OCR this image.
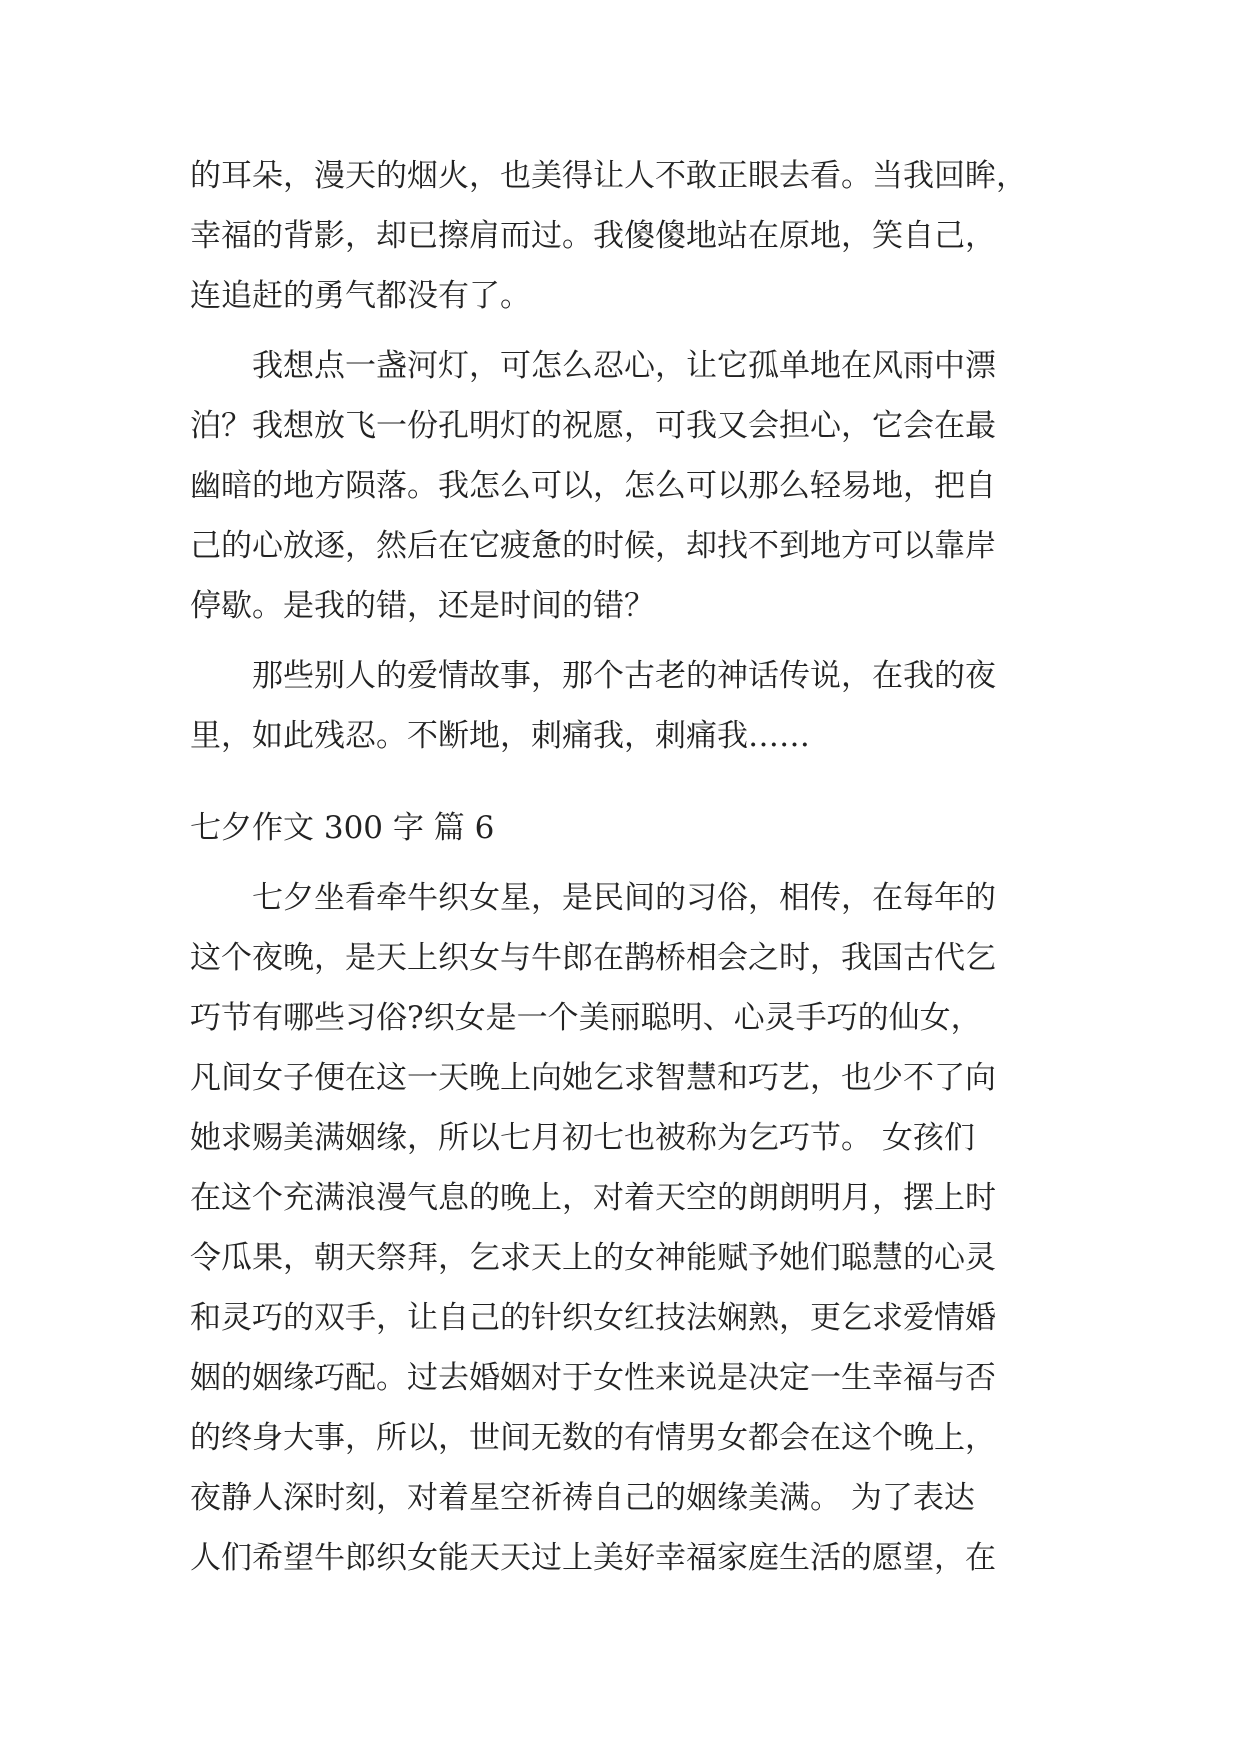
的耳朵，漫天的烟火，也美得让人不敢正眼去看。当我回眸，
幸福的背影，却已擦肩而过。我傻傻地站在原地，笑自己，
连追赶的勇气都没有了。
　　我想点一盏河灯，可怎么忍心，让它孤单地在风雨中漂
泊？我想放飞一份孔明灯的祝愿，可我又会担心，它会在最
幽暗的地方陨落。我怎么可以，怎么可以那么轻易地，把自
己的心放逐，然后在它疲惫的时候，却找不到地方可以靠岸
停歇。是我的错，还是时间的错？
　　那些别人的爱情故事，那个古老的神话传说，在我的夜
里，如此残忍。不断地，刺痛我，刺痛我……
七夕作文 300 字 篇 6
　　七夕坐看牵牛织女星，是民间的习俗，相传，在每年的
这个夜晚，是天上织女与牛郎在鹊桥相会之时，我国古代乞
巧节有哪些习俗?织女是一个美丽聪明、心灵手巧的仙女，
凡间女子便在这一天晚上向她乞求智慧和巧艺，也少不了向
她求赐美满姻缘，所以七月初七也被称为乞巧节。 女孩们
在这个充满浪漫气息的晚上，对着天空的朗朗明月，摆上时
令瓜果，朝天祭拜，乞求天上的女神能赋予她们聪慧的心灵
和灵巧的双手，让自己的针织女红技法娴熟，更乞求爱情婚
姻的姻缘巧配。过去婚姻对于女性来说是决定一生幸福与否
的终身大事，所以，世间无数的有情男女都会在这个晚上，
夜静人深时刻，对着星空祈祷自己的姻缘美满。 为了表达
人们希望牛郎织女能天天过上美好幸福家庭生活的愿望，在
